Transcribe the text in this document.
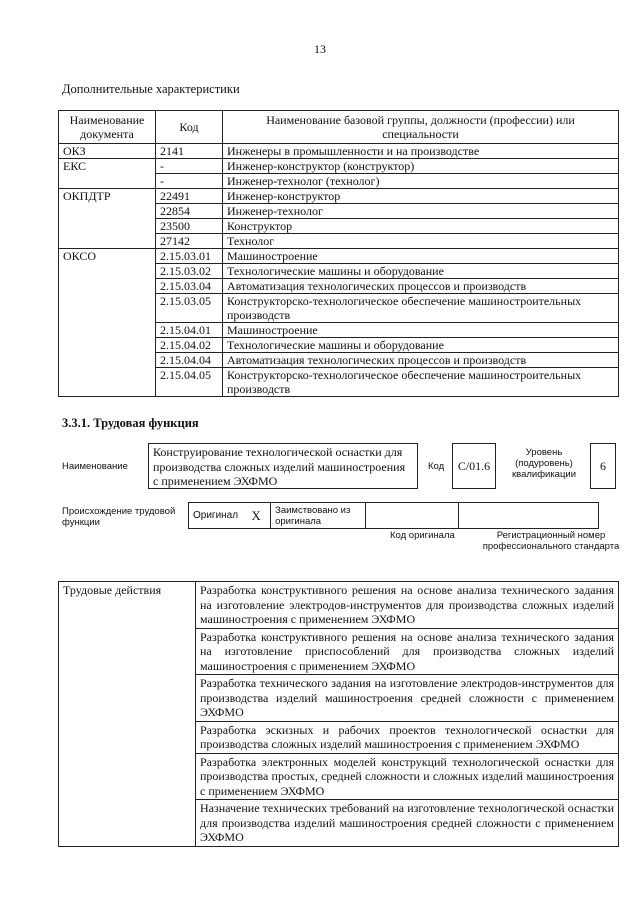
13
Дополнительные характеристики
Наименование документа	Код	Наименование базовой группы, должности (профессии) или специальности
ОКЗ	2141	Инженеры в промышленности и на производстве
ЕКС	-	Инженер-конструктор (конструктор)
	-	Инженер-технолог (технолог)
ОКПДТР	22491	Инженер-конструктор
	22854	Инженер-технолог
	23500	Конструктор
	27142	Технолог
ОКСО	2.15.03.01	Машиностроение
	2.15.03.02	Технологические машины и оборудование
	2.15.03.04	Автоматизация технологических процессов и производств
	2.15.03.05	Конструкторско-технологическое обеспечение машиностроительных производств
	2.15.04.01	Машиностроение
	2.15.04.02	Технологические машины и оборудование
	2.15.04.04	Автоматизация технологических процессов и производств
	2.15.04.05	Конструкторско-технологическое обеспечение машиностроительных производств
3.3.1. Трудовая функция
Наименование
Конструирование технологической оснастки для производства сложных изделий машиностроения с применением ЭХФМО
Код C/01.6
Уровень (подуровень) квалификации
6
Происхождение трудовой функции
Оригинал	X	Заимствовано из оригинала		
Код оригинала	Регистрационный номер профессионального стандарта
Трудовые действия	Разработка конструктивного решения на основе анализа технического задания на изготовление электродов-инструментов для производства сложных изделий машиностроения с применением ЭХФМО
Разработка конструктивного решения на основе анализа технического задания на изготовление приспособлений для производства сложных изделий машиностроения с применением ЭХФМО
Разработка технического задания на изготовление электродов-инструментов для производства изделий машиностроения средней сложности с применением ЭХФМО
Разработка эскизных и рабочих проектов технологической оснастки для производства сложных изделий машиностроения с применением ЭХФМО
Разработка электронных моделей конструкций технологической оснастки для производства простых, средней сложности и сложных изделий машиностроения с применением ЭХФМО
Назначение технических требований на изготовление технологической оснастки для производства изделий машиностроения средней сложности с применением ЭХФМО
